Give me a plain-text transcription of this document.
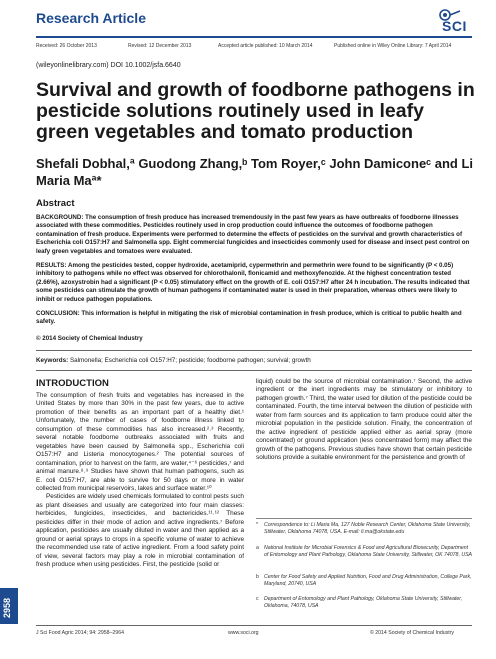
Research Article	SCI
Received: 26 October 2013	Revised: 12 December 2013	Accepted article published: 10 March 2014	Published online in Wiley Online Library: 7 April 2014
(wileyonlinelibrary.com) DOI 10.1002/jsfa.6640
Survival and growth of foodborne pathogens in pesticide solutions routinely used in leafy green vegetables and tomato production
Shefali Dobhal,ª Guodong Zhang,ᵇ Tom Royer,ᶜ John Damiconeᶜ and Li Maria Maª*
Abstract
BACKGROUND: The consumption of fresh produce has increased tremendously in the past few years as have outbreaks of foodborne illnesses associated with these commodities. Pesticides routinely used in crop production could influence the outcomes of foodborne pathogen contamination of fresh produce. Experiments were performed to determine the effects of pesticides on the survival and growth characteristics of Escherichia coli O157:H7 and Salmonella spp. Eight commercial fungicides and insecticides commonly used for disease and insect pest control on leafy green vegetables and tomatoes were evaluated.
RESULTS: Among the pesticides tested, copper hydroxide, acetamiprid, cypermethrin and permethrin were found to be significantly (P < 0.05) inhibitory to pathogens while no effect was observed for chlorothalonil, flonicamid and methoxyfenozide. At the highest concentration tested (2.66%), azoxystrobin had a significant (P < 0.05) stimulatory effect on the growth of E. coli O157:H7 after 24 h incubation. The results indicated that some pesticides can stimulate the growth of human pathogens if contaminated water is used in their preparation, whereas others were likely to inhibit or reduce pathogen populations.
CONCLUSION: This information is helpful in mitigating the risk of microbial contamination in fresh produce, which is critical to public health and safety.
© 2014 Society of Chemical Industry
Keywords: Salmonella; Escherichia coli O157:H7; pesticide; foodborne pathogen; survival; growth
INTRODUCTION

The consumption of fresh fruits and vegetables has increased in the United States by more than 30% in the past few years, due to active promotion of their benefits as an important part of a healthy diet.¹ Unfortunately, the number of cases of foodborne illness linked to consumption of these commodities has also increased.²˒³ Recently, several notable foodborne outbreaks associated with fruits and vegetables have been caused by Salmonella spp., Escherichia coli O157:H7 and Listeria monocytogenes.² The potential sources of contamination, prior to harvest on the farm, are water,⁴⁻⁶ pesticides,⁷ and animal manure.⁸˒⁹ Studies have shown that human pathogens, such as E. coli O157:H7, are able to survive for 50 days or more in water collected from municipal reservoirs, lakes and surface water.¹⁰

Pesticides are widely used chemicals formulated to control pests such as plant diseases and usually are categorized into four main classes: herbicides, fungicides, insecticides, and bactericides.¹¹˒¹² These pesticides differ in their mode of action and active ingredients.⁷ Before application, pesticides are usually diluted in water and then applied as a ground or aerial sprays to crops in a specific volume of water to achieve the recommended use rate of active ingredient. From a food safety point of view, several factors may play a role in microbial contamination of fresh produce when using pesticides. First, the pesticide (solid or

liquid) could be the source of microbial contamination.⁷ Second, the active ingredient or the inert ingredients may be stimulatory or inhibitory to pathogen growth.⁷ Third, the water used for dilution of the pesticide could be contaminated. Fourth, the time interval between the dilution of pesticide with water from farm sources and its application to farm produce could alter the microbial population in the pesticide solution. Finally, the concentration of the active ingredient of pesticide applied either as aerial spray (more concentrated) or ground application (less concentrated form) may affect the growth of the pathogens. Previous studies have shown that certain pesticide solutions provide a suitable environment for the persistence and growth of

* Correspondence to: Li Maria Ma, 127 Noble Research Center, Oklahoma State University, Stillwater, Oklahoma 74078, USA. E-mail: li.ma@okstate.edu
a National Institute for Microbial Forensics & Food and Agricultural Biosecurity, Department of Entomology and Plant Pathology, Oklahoma State University, Stillwater, OK 74078, USA
b Center for Food Safety and Applied Nutrition, Food and Drug Administration, College Park, Maryland, 20740, USA
c Department of Entomology and Plant Pathology, Oklahoma State University, Stillwater, Oklahoma, 74078, USA
2958
J Sci Food Agric 2014; 94: 2958–2964	www.soci.org	© 2014 Society of Chemical Industry
